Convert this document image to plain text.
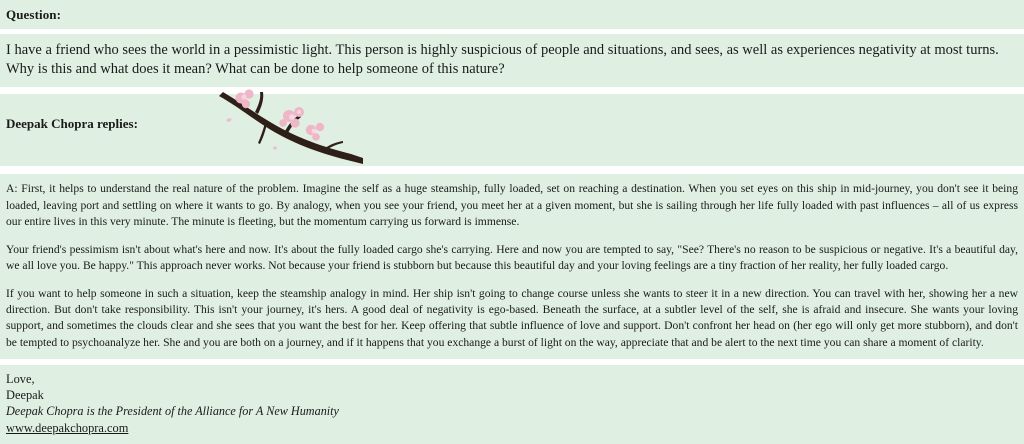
Question:
I have a friend who sees the world in a pessimistic light. This person is highly suspicious of people and situations, and sees, as well as experiences negativity at most turns. Why is this and what does it mean? What can be done to help someone of this nature?
Deepak Chopra replies:

A: First, it helps to understand the real nature of the problem. Imagine the self as a huge steamship, fully loaded, set on reaching a destination. When you set eyes on this ship in mid-journey, you don't see it being loaded, leaving port and settling on where it wants to go. By analogy, when you see your friend, you meet her at a given moment, but she is sailing through her life fully loaded with past influences – all of us express our entire lives in this very minute. The minute is fleeting, but the momentum carrying us forward is immense.

Your friend's pessimism isn't about what's here and now. It's about the fully loaded cargo she's carrying. Here and now you are tempted to say, "See? There's no reason to be suspicious or negative. It's a beautiful day, we all love you. Be happy." This approach never works. Not because your friend is stubborn but because this beautiful day and your loving feelings are a tiny fraction of her reality, her fully loaded cargo.

If you want to help someone in such a situation, keep the steamship analogy in mind. Her ship isn't going to change course unless she wants to steer it in a new direction. You can travel with her, showing her a new direction. But don't take responsibility. This isn't your journey, it's hers. A good deal of negativity is ego-based. Beneath the surface, at a subtler level of the self, she is afraid and insecure. She wants your loving support, and sometimes the clouds clear and she sees that you want the best for her. Keep offering that subtle influence of love and support. Don't confront her head on (her ego will only get more stubborn), and don't be tempted to psychoanalyze her. She and you are both on a journey, and if it happens that you exchange a burst of light on the way, appreciate that and be alert to the next time you can share a moment of clarity.

Love,
Deepak
Deepak Chopra is the President of the Alliance for A New Humanity
www.deepakchopra.com
